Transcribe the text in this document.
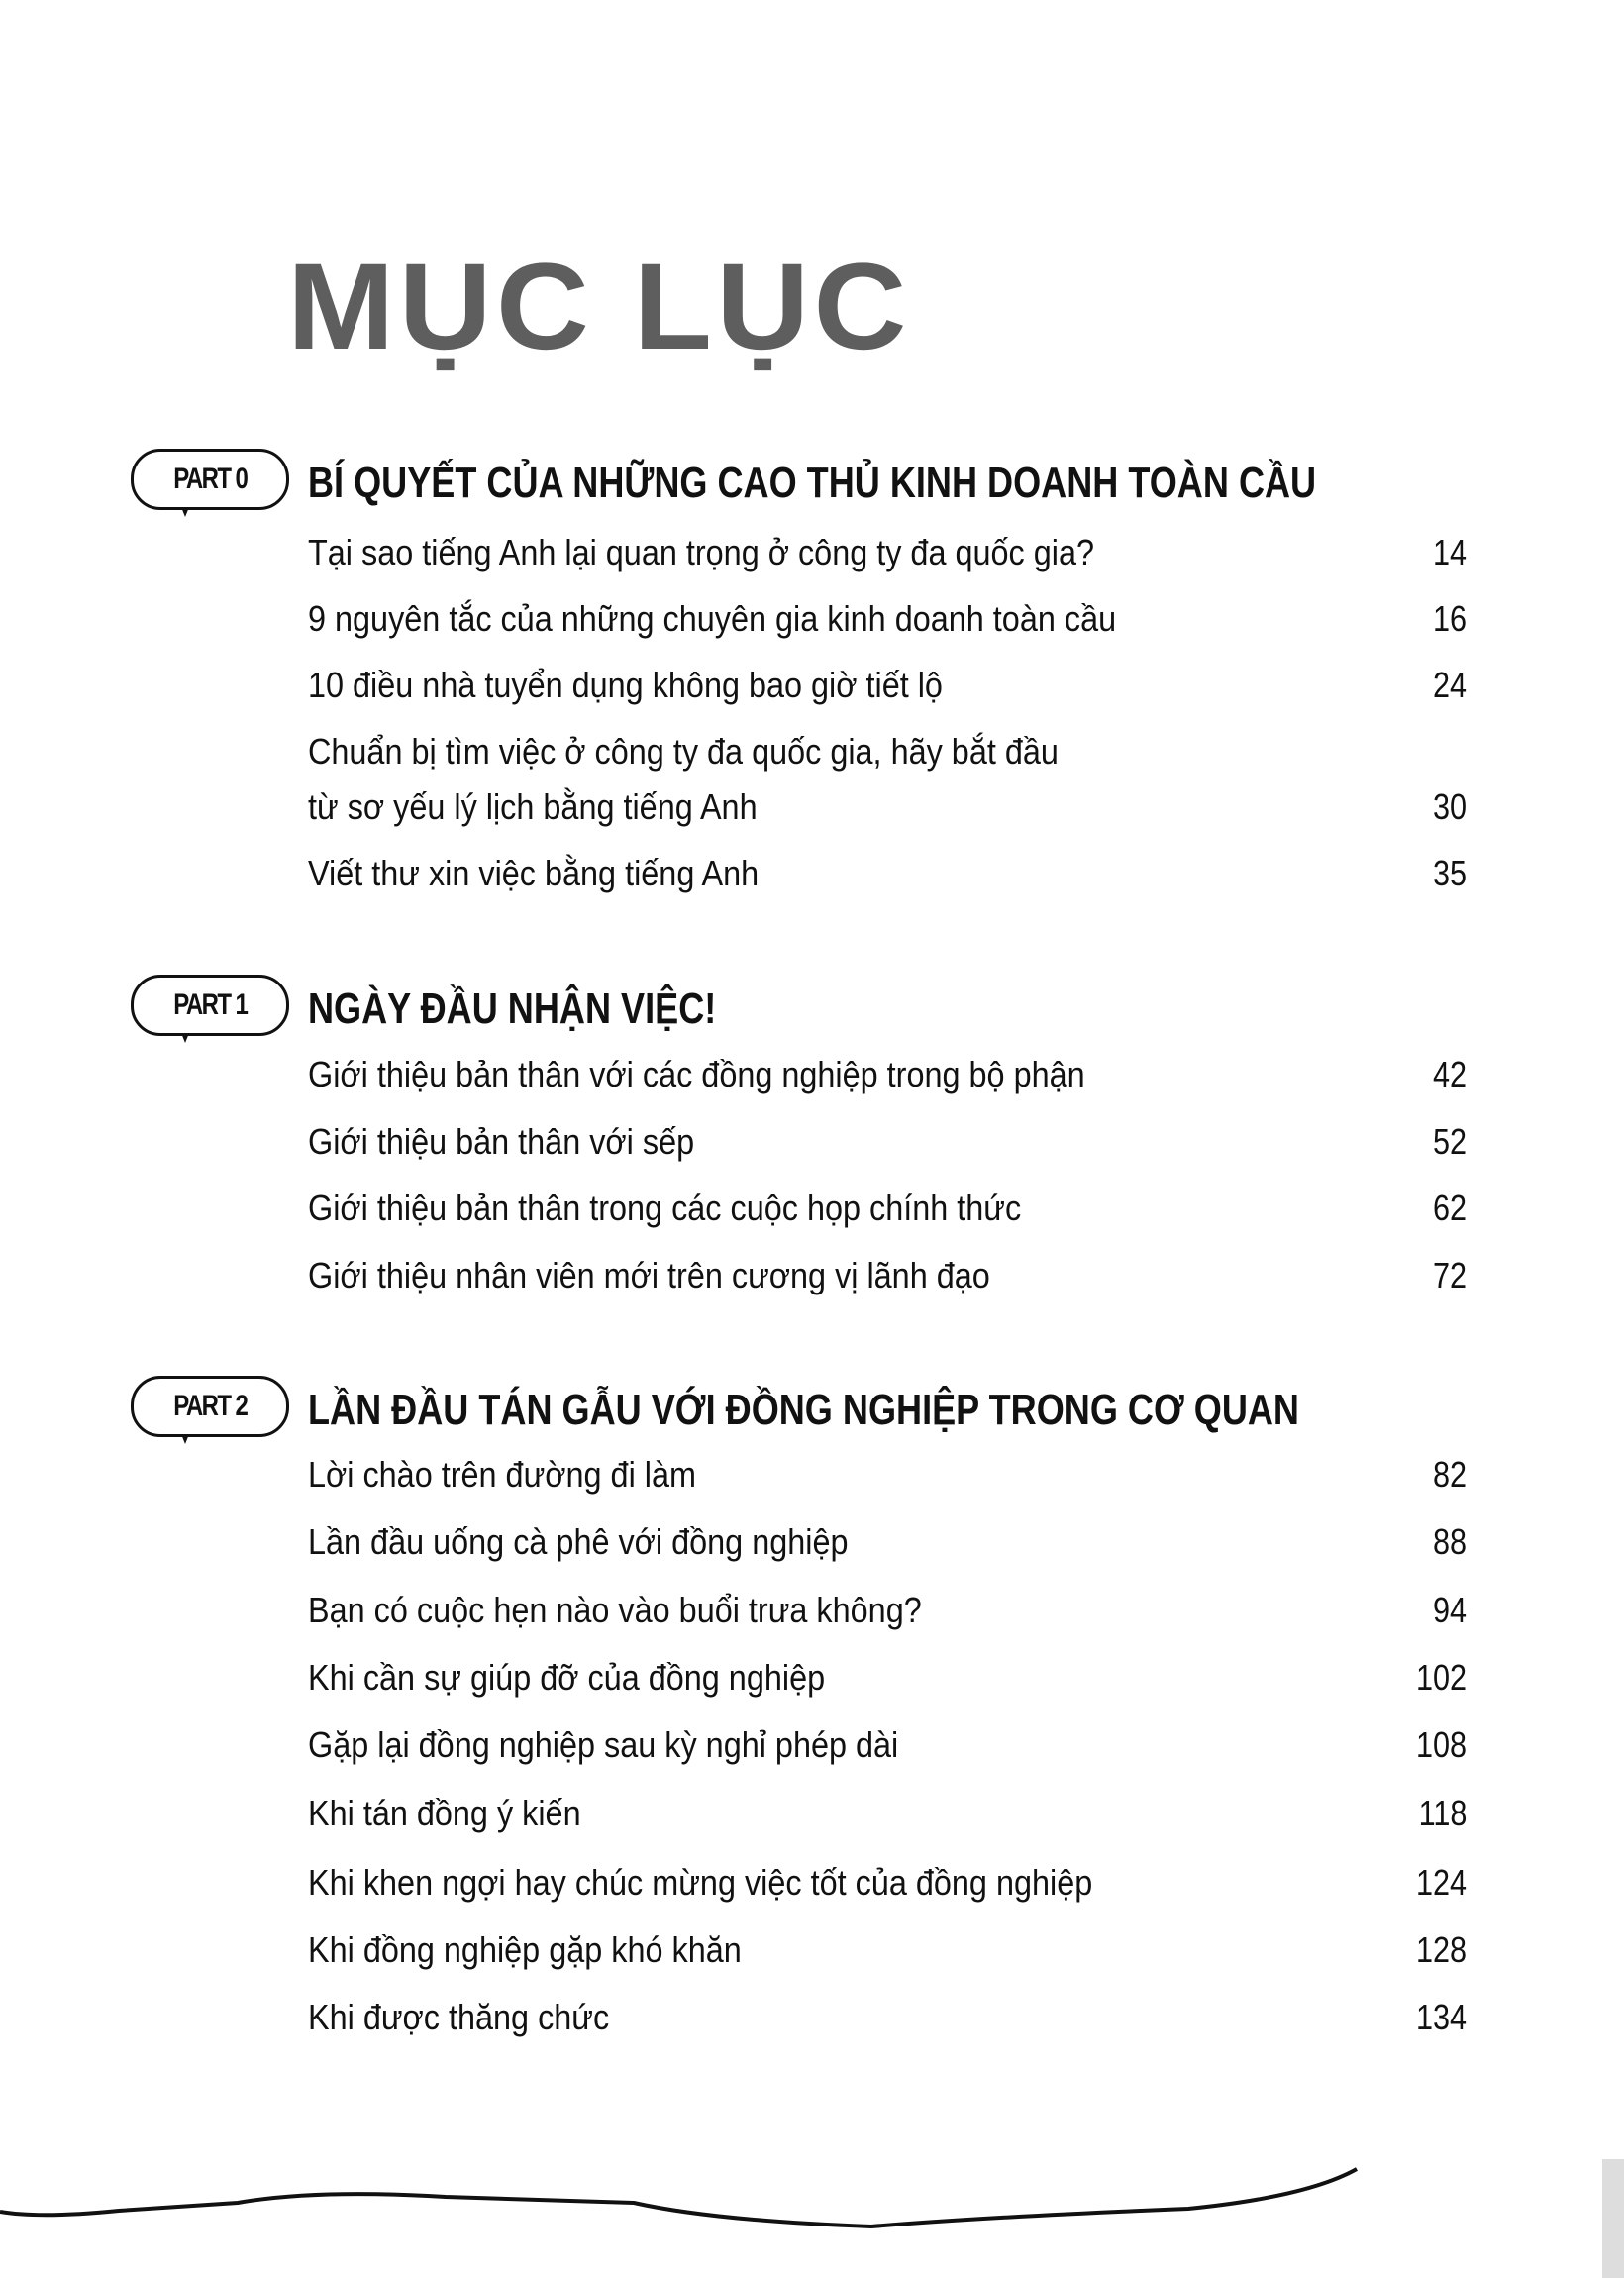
MỤC LỤC
PART 0 BÍ QUYẾT CỦA NHỮNG CAO THỦ KINH DOANH TOÀN CẦU
Tại sao tiếng Anh lại quan trọng ở công ty đa quốc gia?	14
9 nguyên tắc của những chuyên gia kinh doanh toàn cầu	16
10 điều nhà tuyển dụng không bao giờ tiết lộ	24
Chuẩn bị tìm việc ở công ty đa quốc gia, hãy bắt đầu
từ sơ yếu lý lịch bằng tiếng Anh	30
Viết thư xin việc bằng tiếng Anh	35
PART 1 NGÀY ĐẦU NHẬN VIỆC!
Giới thiệu bản thân với các đồng nghiệp trong bộ phận	42
Giới thiệu bản thân với sếp	52
Giới thiệu bản thân trong các cuộc họp chính thức	62
Giới thiệu nhân viên mới trên cương vị lãnh đạo	72
PART 2 LẦN ĐẦU TÁN GẪU VỚI ĐỒNG NGHIỆP TRONG CƠ QUAN
Lời chào trên đường đi làm	82
Lần đầu uống cà phê với đồng nghiệp	88
Bạn có cuộc hẹn nào vào buổi trưa không?	94
Khi cần sự giúp đỡ của đồng nghiệp	102
Gặp lại đồng nghiệp sau kỳ nghỉ phép dài	108
Khi tán đồng ý kiến	118
Khi khen ngợi hay chúc mừng việc tốt của đồng nghiệp	124
Khi đồng nghiệp gặp khó khăn	128
Khi được thăng chức	134
